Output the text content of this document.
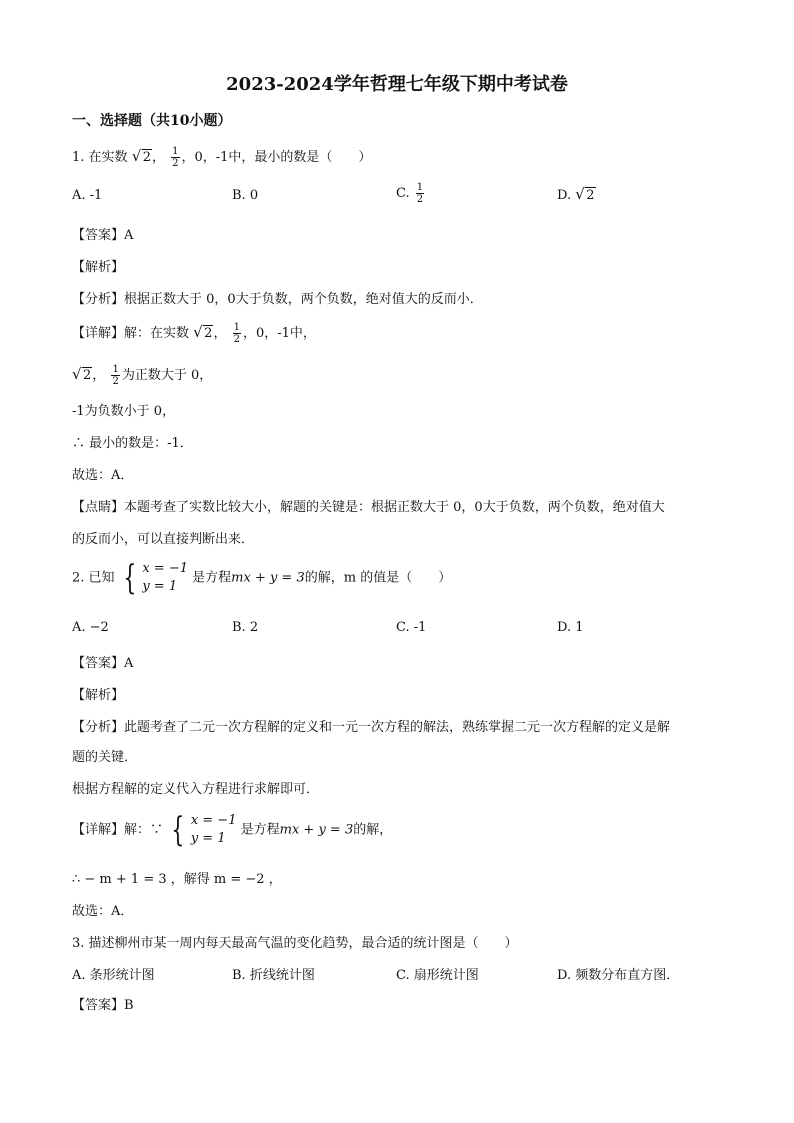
2023-2024学年哲理七年级下期中考试卷
一、选择题（共10小题）
1. 在实数 √ 2， $\frac{1}{2}$ ，0，-1中，最小的数是（　　）
A. -1	B. 0	C. $\frac{1}{2}$	D. √ 2
【答案】A
【解析】
【分析】根据正数大于 0，0大于负数，两个负数，绝对值大的反而小．
【详解】解：在实数 √ 2， $\frac{1}{2}$ ，0，-1中，
√ 2， $\frac{1}{2}$ 为正数大于 0，
-1为负数小于 0，
∴ 最小的数是：-1．
故选：A．
【点睛】本题考查了实数比较大小，解题的关键是：根据正数大于 0，0大于负数，两个负数，绝对值大
的反而小，可以直接判断出来．
2. 已知 { x = −1
y = 1
是方程mx + y = 3的解，m 的值是（　　）
A. −2	B. 2	C. -1	D. 1
【答案】A
【解析】
【分析】此题考查了二元一次方程解的定义和一元一次方程的解法，熟练掌握二元一次方程解的定义是解
题的关键．
根据方程解的定义代入方程进行求解即可．
【详解】解：∵ { x = −1
y = 1
是方程mx + y = 3的解，
∴ − m + 1 = 3 ，解得 m = −2 ，
故选：A．
3. 描述柳州市某一周内每天最高气温的变化趋势，最合适的统计图是（　　）
A. 条形统计图	B. 折线统计图	C. 扇形统计图	D. 频数分布直方图．
【答案】B
